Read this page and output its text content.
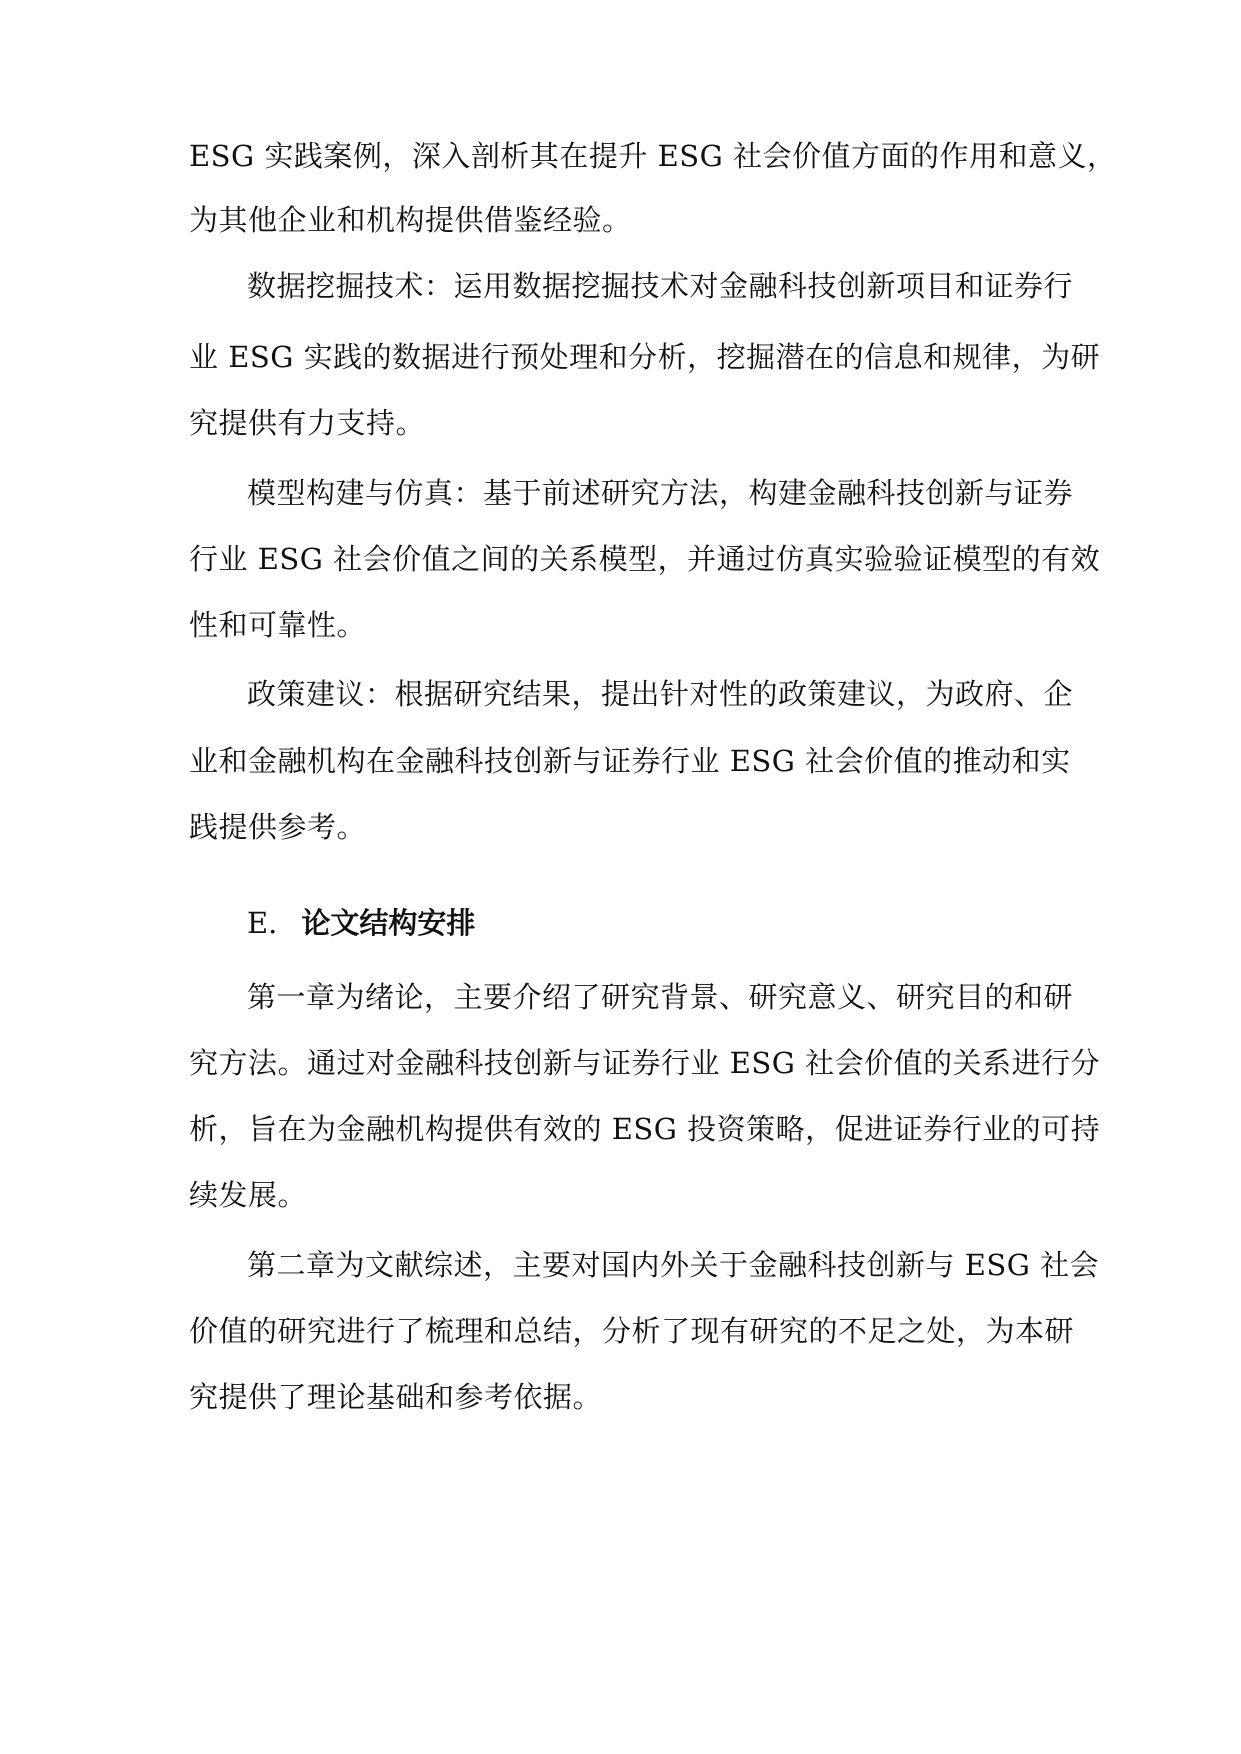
ESG 实践案例，深入剖析其在提升 ESG 社会价值方面的作用和意义，
为其他企业和机构提供借鉴经验。
数据挖掘技术：运用数据挖掘技术对金融科技创新项目和证券行
业 ESG 实践的数据进行预处理和分析，挖掘潜在的信息和规律，为研
究提供有力支持。
模型构建与仿真：基于前述研究方法，构建金融科技创新与证券
行业 ESG 社会价值之间的关系模型，并通过仿真实验验证模型的有效
性和可靠性。
政策建议：根据研究结果，提出针对性的政策建议，为政府、企
业和金融机构在金融科技创新与证券行业 ESG 社会价值的推动和实
践提供参考。
E. 论文结构安排
第一章为绪论，主要介绍了研究背景、研究意义、研究目的和研
究方法。通过对金融科技创新与证券行业 ESG 社会价值的关系进行分
析，旨在为金融机构提供有效的 ESG 投资策略，促进证券行业的可持
续发展。
第二章为文献综述，主要对国内外关于金融科技创新与 ESG 社会
价值的研究进行了梳理和总结，分析了现有研究的不足之处，为本研
究提供了理论基础和参考依据。
